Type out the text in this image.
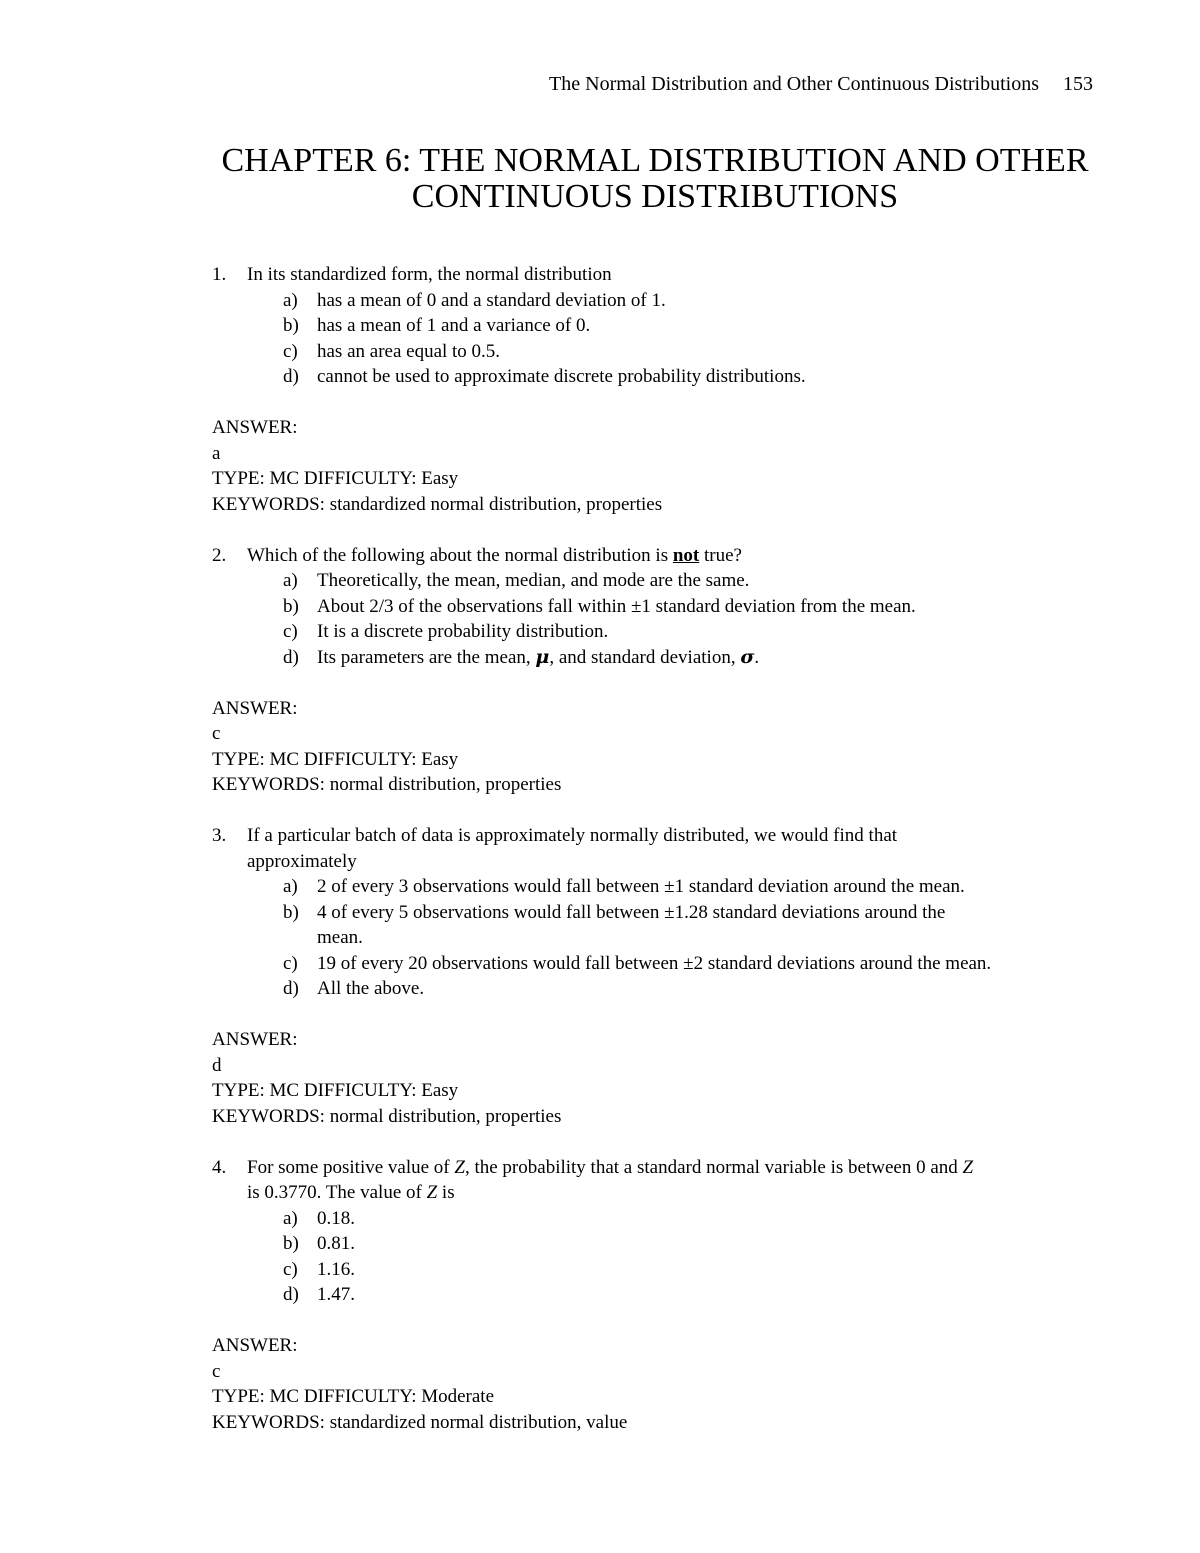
The Normal Distribution and Other Continuous Distributions 153
CHAPTER 6: THE NORMAL DISTRIBUTION AND OTHER
CONTINUOUS DISTRIBUTIONS
1. In its standardized form, the normal distribution
a) has a mean of 0 and a standard deviation of 1.
b) has a mean of 1 and a variance of 0.
c) has an area equal to 0.5.
d) cannot be used to approximate discrete probability distributions.
ANSWER:
a
TYPE: MC DIFFICULTY: Easy
KEYWORDS: standardized normal distribution, properties
2. Which of the following about the normal distribution is not true?
a) Theoretically, the mean, median, and mode are the same.
b) About 2/3 of the observations fall within ±1 standard deviation from the mean.
c) It is a discrete probability distribution.
d) Its parameters are the mean, μ, and standard deviation, σ.
ANSWER:
c
TYPE: MC DIFFICULTY: Easy
KEYWORDS: normal distribution, properties
3. If a particular batch of data is approximately normally distributed, we would find that
approximately
a) 2 of every 3 observations would fall between ±1 standard deviation around the mean.
b) 4 of every 5 observations would fall between ±1.28 standard deviations around the
mean.
c) 19 of every 20 observations would fall between ±2 standard deviations around the mean.
d) All the above.
ANSWER:
d
TYPE: MC DIFFICULTY: Easy
KEYWORDS: normal distribution, properties
4. For some positive value of Z, the probability that a standard normal variable is between 0 and Z
is 0.3770. The value of Z is
a) 0.18.
b) 0.81.
c) 1.16.
d) 1.47.
ANSWER:
c
TYPE: MC DIFFICULTY: Moderate
KEYWORDS: standardized normal distribution, value
